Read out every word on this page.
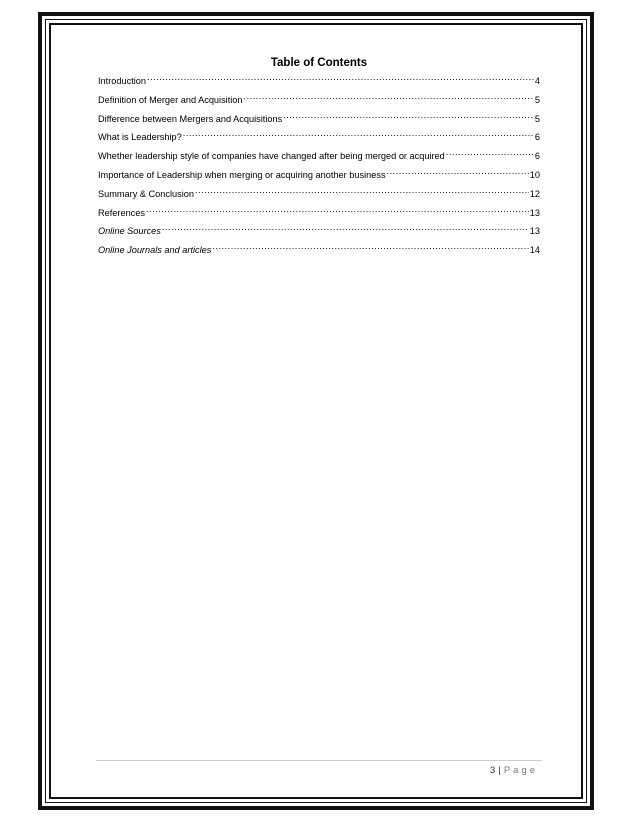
Table of Contents
Introduction .....	4
Definition of Merger and Acquisition .....	5
Difference between Mergers and Acquisitions .....	5
What is Leadership? .....	6
Whether leadership style of companies have changed after being merged or acquired .....	6
Importance of Leadership when merging or acquiring another business .....	10
Summary & Conclusion .....	12
References .....	13
Online Sources .....	13
Online Journals and articles .....	14
3 | Page
